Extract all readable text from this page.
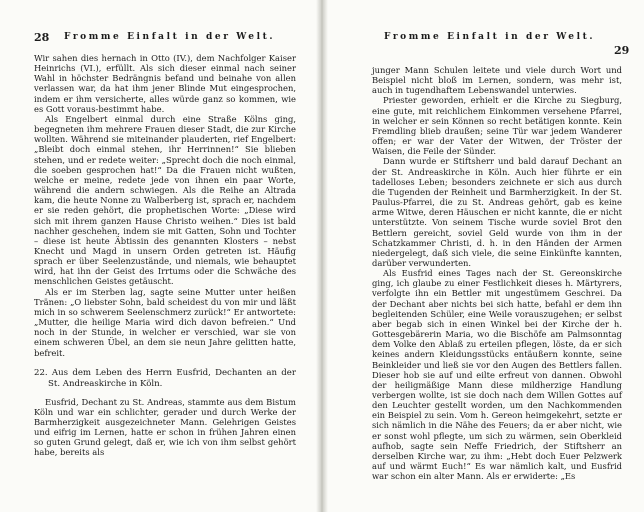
28 Fromme Einfalt in der Welt.

Wir sahen dies hernach in Otto (IV.), dem Nachfolger Kaiser Heinrichs (VI.), erfüllt. Als sich dieser einmal nach seiner Wahl in höchster Bedrängnis befand und beinahe von allen verlassen war, da hat ihm jener Blinde Mut eingesprochen, indem er ihm versicherte, alles würde ganz so kommen, wie es Gott voraus-bestimmt habe.

Als Engelbert einmal durch eine Straße Kölns ging, begegneten ihm mehrere Frauen dieser Stadt, die zur Kirche wollten. Während sie miteinander plauderten, rief Engelbert: „Bleibt doch einmal stehen, ihr Herrinnen!“ Sie blieben stehen, und er redete weiter: „Sprecht doch die noch einmal, die soeben gesprochen hat!“ Da die Frauen nicht wußten, welche er meine, redete jede von ihnen ein paar Worte, während die andern schwiegen. Als die Reihe an Altrada kam, die heute Nonne zu Walberberg ist, sprach er, nachdem er sie reden gehört, die prophetischen Worte: „Diese wird sich mit ihrem ganzen Hause Christo weihen.“ Dies ist bald nachher geschehen, indem sie mit Gatten, Sohn und Tochter – diese ist heute Äbtissin des genannten Klosters – nebst Knecht und Magd in unsern Orden getreten ist. Häufig sprach er über Seelenzustände, und niemals, wie behauptet wird, hat ihn der Geist des Irrtums oder die Schwäche des menschlichen Geistes getäuscht.

Als er im Sterben lag, sagte seine Mutter unter heißen Tränen: „O liebster Sohn, bald scheidest du von mir und läßt mich in so schwerem Seelenschmerz zurück!“ Er antwortete: „Mutter, die heilige Maria wird dich davon befreien.“ Und noch in der Stunde, in welcher er verschied, war sie von einem schweren Übel, an dem sie neun Jahre gelitten hatte, befreit.

22. Aus dem Leben des Herrn Eusfrid, Dechanten an der St. Andreaskirche in Köln.

Eusfrid, Dechant zu St. Andreas, stammte aus dem Bistum Köln und war ein schlichter, gerader und durch Werke der Barmherzigkeit ausgezeichneter Mann. Gelehrigen Geistes und eifrig im Lernen, hatte er schon in frühen Jahren einen so guten Grund gelegt, daß er, wie ich von ihm selbst gehört habe, bereits als

Fromme Einfalt in der Welt.
29

junger Mann Schulen leitete und viele durch Wort und Beispiel nicht bloß im Lernen, sondern, was mehr ist, auch in tugendhaftem Lebenswandel unterwies.

Priester geworden, erhielt er die Kirche zu Siegburg, eine gute, mit reichlichem Einkommen versehene Pfarrei, in welcher er sein Können so recht betätigen konnte. Kein Fremdling blieb draußen; seine Tür war jedem Wanderer offen; er war der Vater der Witwen, der Tröster der Waisen, die Feile der Sünder.

Dann wurde er Stiftsherr und bald darauf Dechant an der St. Andreaskirche in Köln. Auch hier führte er ein tadelloses Leben; besonders zeichnete er sich aus durch die Tugenden der Reinheit und Barmherzigkeit. In der St. Paulus-Pfarrei, die zu St. Andreas gehört, gab es keine arme Witwe, deren Häuschen er nicht kannte, die er nicht unterstützte. Von seinem Tische wurde soviel Brot den Bettlern gereicht, soviel Geld wurde von ihm in der Schatzkammer Christi, d. h. in den Händen der Armen niedergelegt, daß sich viele, die seine Einkünfte kannten, darüber verwunderten.

Als Eusfrid eines Tages nach der St. Gereonskirche ging, ich glaube zu einer Festlichkeit dieses h. Märtyrers, verfolgte ihn ein Bettler mit ungestümem Geschrei. Da der Dechant aber nichts bei sich hatte, befahl er dem ihn begleitenden Schüler, eine Weile vorauszugehen; er selbst aber begab sich in einen Winkel bei der Kirche der h. Gottesgebärerin Maria, wo die Bischöfe am Palmsonntag dem Volke den Ablaß zu erteilen pflegen, löste, da er sich keines andern Kleidungsstücks entäußern konnte, seine Beinkleider und ließ sie vor den Augen des Bettlers fallen. Dieser hob sie auf und eilte erfreut von dannen. Obwohl der heiligmäßige Mann diese mildherzige Handlung verbergen wollte, ist sie doch nach dem Willen Gottes auf den Leuchter gestellt worden, um den Nachkommenden ein Beispiel zu sein. Vom h. Gereon heimgekehrt, setzte er sich nämlich in die Nähe des Feuers; da er aber nicht, wie er sonst wohl pflegte, um sich zu wärmen, sein Oberkleid aufhob, sagte sein Neffe Friedrich, der Stiftsherr an derselben Kirche war, zu ihm: „Hebt doch Euer Pelzwerk auf und wärmt Euch!“ Es war nämlich kalt, und Eusfrid war schon ein alter Mann. Als er erwiderte: „Es
